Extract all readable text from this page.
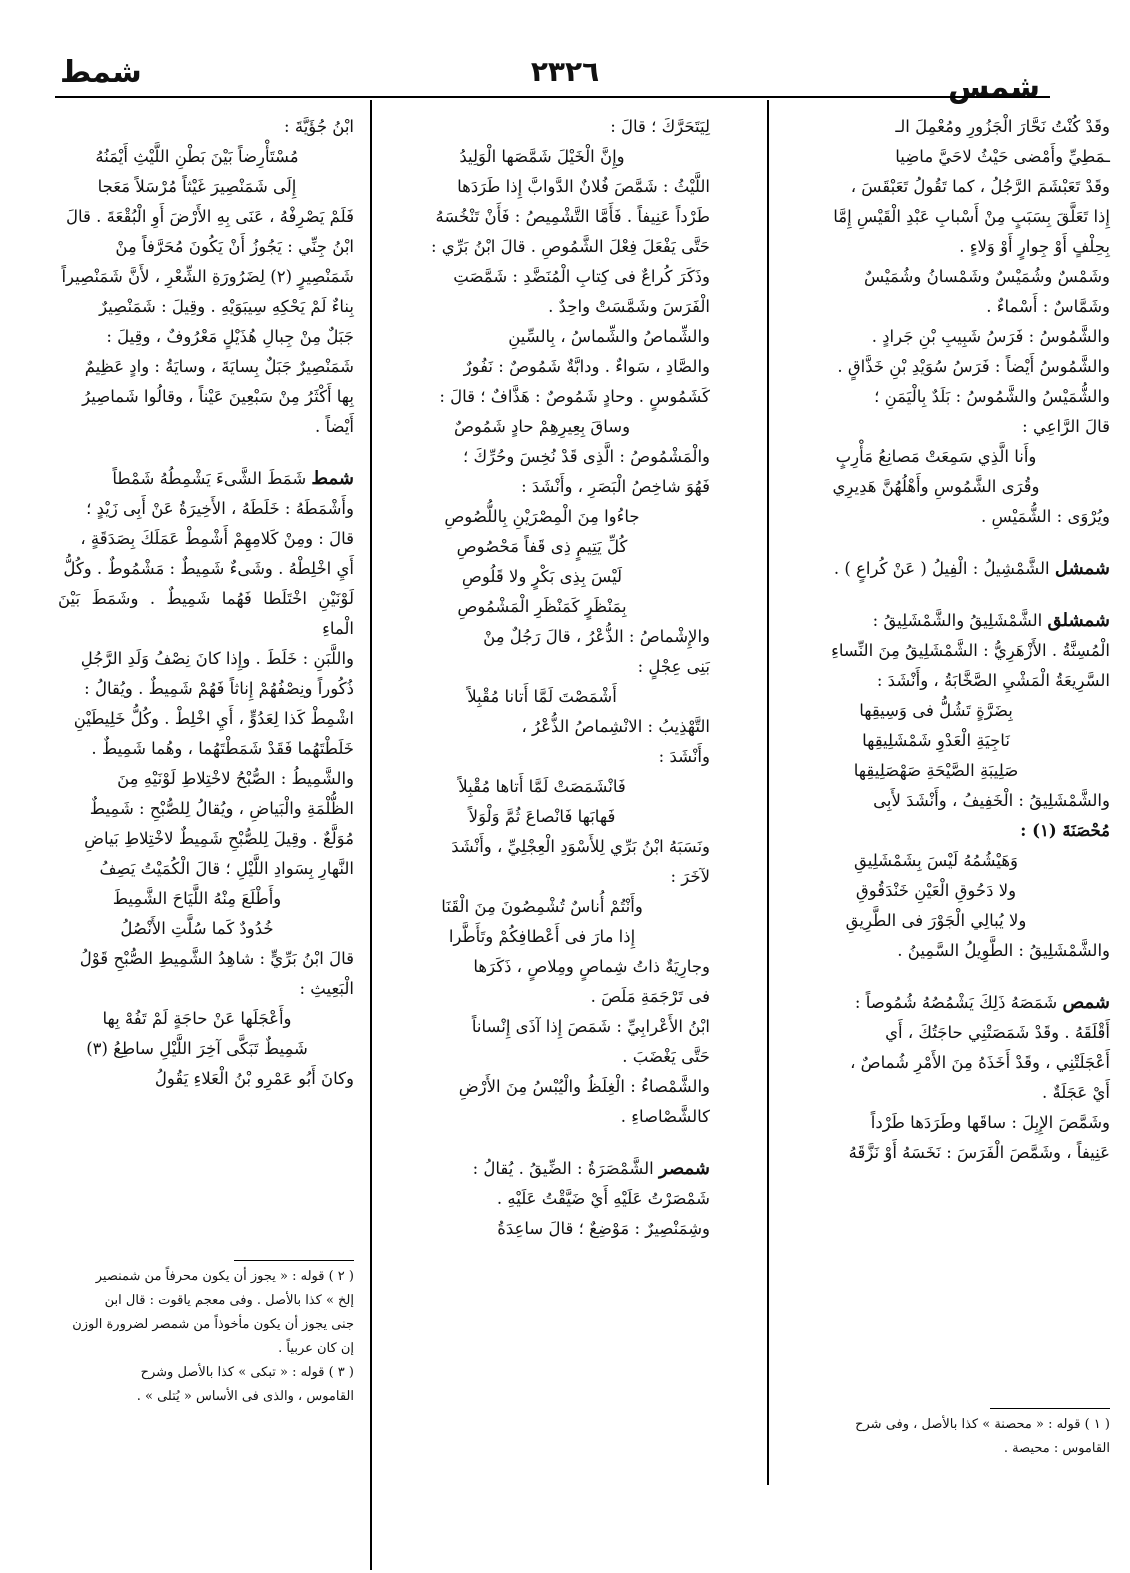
شمط	٢٣٢٦	شمس

وقَدْ كُنْتُ نَحَّارَ الْجَزُورِ ومُعْمِلَ الـ

ـمَطِيِّ وأَمْضى حَيْثُ لاحَيَّ ماضِيا

وقَدْ تَعَبْشَمَ الرَّجُلُ ، كما تَقُولُ تَعَبْقَسَ ،

إِذا تَعَلَّقَ بِسَبَبٍ مِنْ أَسْبابِ عَبْدِ الْقَيْسِ إِمَّا

بِحِلْفٍ أَوْ جِوارٍ أَوْ وَلاءٍ .

وشَمْسٌ وشُمَيْسٌ وشَمْسانُ وشُمَيْسٌ

وشَمَّاسٌ : أَسْماءٌ .

والشَّمُوسُ : فَرَسُ شَبِيبِ بْنِ جَرادٍ .

والشَّمُوسُ أَيْضاً : فَرَسُ سُوَيْدِ بْنِ خَذَّاقٍ .

والشُّمَيْسُ والشَّمُوسُ : بَلَدٌ بِالْيَمَنِ ؛

قالَ الرَّاعِي :

وأَنا الَّذِي سَمِعَتْ مَصانِعُ مَأْرِبٍ

وقُرَى الشَّمُوسِ وأَهْلُهُنَّ هَدِيرِي

ويُرْوَى : الشُّمَيْسِ .

شمشل الشَّمْشِيلُ : الْفِيلُ ( عَنْ كُراعٍ ) .

شمشلق الشَّمْشَلِيقُ والشَّمْشَلِيقُ :

الْمُسِنَّةُ . الأَزْهَرِيُّ : الشَّمْشَلِيقُ مِنَ النِّساءِ

السَّرِيعَةُ الْمَشْيِ الصَّخَّابَةُ ، وأَنْشَدَ :

بِضَرَّةٍ تَشُلُّ فى وَسِيقِها

نَاجِيَةِ الْعَدْوِ شَمْشَلِيقِها

صَلِيبَةِ الصَّيْحَةِ صَهْصَلِيقِها

والشَّمْشَلِيقُ : الْخَفِيفُ ، وأَنْشَدَ لأَبِى

مُحْصَنَةَ (١) :

وَهَيْشُمُهُ لَيْسَ بِشَمْشَلِيقِ

ولا دَحُوقِ الْعَيْنِ خَنْدَقُوقِ

ولا يُبالِي الْجَوْرَ فى الطَّرِيقِ

والشَّمْشَلِيقُ : الطَّوِيلُ السَّمِينُ .

شمص شَمَصَهُ ذَلِكَ يَشْمُصُهُ شُمُوصاً :

أَقْلَقَهُ . وقَدْ شَمَصَتْنِي حاجَتُكَ ، أَي

أَعْجَلَتْنِي ، وقَدْ أَخَذَهُ مِنَ الأَمْرِ شُماصٌ ،

أَيْ عَجَلَةٌ .

وشَمَّصَ الإِبِلَ : ساقَها وطَرَدَها طَرْداً

عَنِيفاً ، وشَمَّصَ الْفَرَسَ : نَخَسَهُ أَوْ نَزَّقَهُ

( ١ ) قوله : « محصنة » كذا بالأصل ، وفى شرح

القاموس : محيصة .

لِيَتَحَرَّكَ ؛ قالَ :

وإِنَّ الْخَيْلَ شَمَّصَها الْوَلِيدُ

اللَّيْثُ : شَمَّصَ فُلانٌ الدَّوابَّ إِذا طَرَدَها

طَرْداً عَنِيفاً . فَأَمَّا التَّشْمِيصُ : فَأَنْ تَنْخُسَهُ

حَتَّى يَفْعَلَ فِعْلَ الشَّمُوصِ . قالَ ابْنُ بَرِّي :

وذَكَرَ كُراعٌ فى كِتابِ الْمُنَضَّدِ : شَمَّصَتِ

الْفَرَسَ وشَمَّسَتْ واحِدٌ .

والشِّماصُ والشِّماسُ ، بِالسِّينِ

والصَّادِ ، سَواءٌ . ودابَّةٌ شَمُوصٌ : نَفُورٌ

كَشَمُوسٍ . وحادٍ شَمُوصٌ : هَذَّافٌ ؛ قالَ :

وساقَ بِعِيرِهِمْ حادٍ شَمُوصٌ

والْمَشْمُوصُ : الَّذِى قَدْ نُخِسَ وحُرِّكَ ؛

فَهُوَ شاخِصُ الْبَصَرِ ، وأَنْشَدَ :

جاءُوا مِنَ الْمِصْرَيْنِ بِاللُّصُوصِ

كُلِّ يَتِيمٍ ذِى قَفاً مَحْصُوصِ

لَيْسَ بِذِى بَكْرٍ ولا قَلُوصِ

بِمَنْظَرٍ كَمَنْظَرِ الْمَشْمُوصِ

والإِشْماصُ : الذُّعْرُ ، قالَ رَجُلٌ مِنْ

بَنِى عِجْلٍ :

أَشْمَصْتَ لَمَّا أَتانا مُقْبِلاً

التَّهْذِيبُ : الانْشِماصُ الذُّعْرُ ،

وأَنْشَدَ :

فَانْشَمَصَتْ لَمَّا أَتاها مُقْبِلاً

فَهابَها فَانْصاعَ ثُمَّ وَلْوَلاً

ونَسَبَهُ ابْنُ بَرِّي لِلأَسْوَدِ الْعِجْلِيِّ ، وأَنْشَدَ

لآخَرَ :

وأَنْتُمْ أُناسٌ تُشْمِصُونَ مِنَ الْقَنَا

إِذا مارَ فى أَعْطافِكُمْ وتَأَطَّرا

وجارِيَةٌ ذاتُ شِماصٍ ومِلاصٍ ، ذَكَرَها

فى تَرْجَمَةِ مَلَصَ .

ابْنُ الأَعْرابِيِّ : شَمَصَ إِذا آذَى إِنْساناً

حَتَّى يَغْضَبَ .

والشَّمْصاءُ : الْغِلَظُ والْيُبْسُ مِنَ الأَرْضِ

كالشَّصْاصاءِ .

شمصر الشَّمْصَرَةُ : الضِّيقُ . يُقالُ :

شَمْصَرْتُ عَلَيْهِ أَيْ ضَيَّقْتُ عَلَيْهِ .

وشِمَنْصِيرٌ : مَوْضِعٌ ؛ قالَ ساعِدَةُ

ابْنُ جُؤَيَّةَ :

مُسْتَأْرِضاً بَيْنَ بَطْنِ اللَّيْثِ أَيْمَنُهُ

إِلَى شَمَنْصِيرَ غَيْثاً مُرْسَلاً مَعَجا

فَلَمْ يَصْرِفْهُ ، عَنَى بِهِ الأَرْضَ أَوِ الْبُقْعَةَ . قالَ

ابْنُ جِنِّي : يَجُوزُ أَنْ يَكُونَ مُحَرَّفاً مِنْ

شَمَنْصِيرٍ (٢) لِضَرُورَةِ الشِّعْرِ ، لأَنَّ شَمَنْصِيراً

بِناءٌ لَمْ يَحْكِهِ سِيبَوَيْهِ . وقِيلَ : شَمَنْصِيرٌ

جَبَلٌ مِنْ جِبالِ هُذَيْلٍ مَعْرُوفٌ ، وقِيلَ :

شَمَنْصِيرٌ جَبَلٌ بِسايَةَ ، وسايَةُ : وادٍ عَظِيمٌ

بِها أَكْثَرُ مِنْ سَبْعِينَ عَيْناً ، وقالُوا شَماصِيرُ

أَيْضاً .

شمط شَمَطَ الشَّىءَ يَشْمِطُهُ شَمْطاً

وأَشْمَطَهُ : خَلَطَهُ ، الأَخِيرَةُ عَنْ أَبِى زَيْدٍ ؛

قالَ : ومِنْ كَلامِهِمْ أَشْمِطْ عَمَلَكَ بِصَدَقَةٍ ،

أَيِ اخْلِطْهُ . وشَىءٌ شَمِيطٌ : مَشْمُوطٌ . وكُلُّ

لَوْنَيْنِ اخْتَلَطا فَهُما شَمِيطٌ . وشَمَطَ بَيْنَ الْماءِ

واللَّبَنِ : خَلَطَ . وإِذا كانَ نِصْفُ وَلَدِ الرَّجُلِ

ذُكُوراً ونِصْفُهُمْ إِناثاً فَهُمْ شَمِيطٌ . ويُقالُ :

اشْمِطْ كَذا لِعَدُوٍّ ، أَيِ اخْلِطْ . وكُلُّ خَلِيطَيْنِ

خَلَطْتَهُما فَقَدْ شَمَطْتَهُما ، وهُما شَمِيطٌ .

والشَّمِيطُ : الصُّبْحُ لاخْتِلاطِ لَوْنَيْهِ مِنَ

الظُّلْمَةِ والْبَياضِ ، ويُقالُ لِلصُّبْحِ : شَمِيطٌ

مُوَلَّعٌ . وقِيلَ لِلصُّبْحِ شَمِيطٌ لاخْتِلاطِ بَياضِ

النَّهارِ بِسَوادِ اللَّيْلِ ؛ قالَ الْكُمَيْتُ يَصِفُ

وأَطْلَعَ مِنْهُ اللَّيَاحَ الشَّمِيطَ

خُدُودٌ كَما سُلَّتِ الأَنْصُلُ

قالَ ابْنُ بَرِّيٍّ : شاهِدُ الشَّمِيطِ الصُّبْحِ قَوْلُ

الْبَعِيثِ :

وأَعْجَلَها عَنْ حاجَةٍ لَمْ تَفُهْ بِها

شَمِيطٌ تَبَكَّى آخِرَ اللَّيْلِ ساطِعُ (٣)

وكانَ أَبُو عَمْرِو بْنُ الْعَلاءِ يَقُولُ

( ٢ ) قوله : « يجوز أن يكون محرفاً من شمنصير

إلخ » كذا بالأصل . وفى معجم ياقوت : قال ابن

جنى يجوز أن يكون مأخوذاً من شمصر لضرورة الوزن

إن كان عربياً .

( ٣ ) قوله : « تبكى » كذا بالأصل وشرح

القاموس ، والذى فى الأساس « يُتلى » .
